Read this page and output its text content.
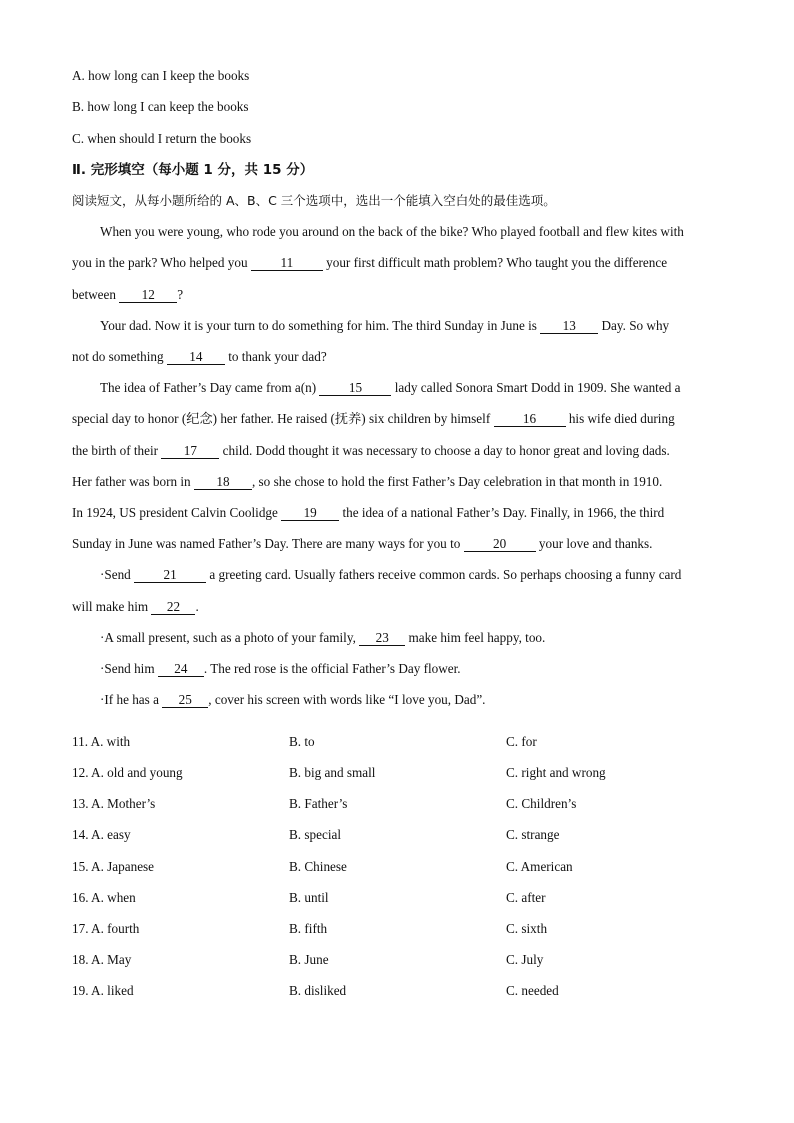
A. how long can I keep the books
B. how long I can keep the books
C. when should I return the books
Ⅱ. 完形填空（每小题 1 分，共 15 分）
阅读短文，从每小题所给的 A、B、C 三个选项中，选出一个能填入空白处的最佳选项。
When you were young, who rode you around on the back of the bike? Who played football and flew kites with
you in the park? Who helped you 11 your first difficult math problem? Who taught you the difference
between 12 ?
Your dad. Now it is your turn to do something for him. The third Sunday in June is 13 Day. So why
not do something 14 to thank your dad?
The idea of Father’s Day came from a(n) 15 lady called Sonora Smart Dodd in 1909. She wanted a
special day to honor (纪念) her father. He raised (抚养) six children by himself 16 his wife died during
the birth of their 17 child. Dodd thought it was necessary to choose a day to honor great and loving dads.
Her father was born in 18 , so she chose to hold the first Father’s Day celebration in that month in 1910.
In 1924, US president Calvin Coolidge 19 the idea of a national Father’s Day. Finally, in 1966, the third
Sunday in June was named Father’s Day. There are many ways for you to 20 your love and thanks.
·Send 21 a greeting card. Usually fathers receive common cards. So perhaps choosing a funny card
will make him 22 .
·A small present, such as a photo of your family, 23 make him feel happy, too.
·Send him 24 . The red rose is the official Father’s Day flower.
·If he has a 25 , cover his screen with words like “I love you, Dad”.
11. A. with	B. to	C. for
12. A. old and young	B. big and small	C. right and wrong
13. A. Mother’s	B. Father’s	C. Children’s
14. A. easy	B. special	C. strange
15. A. Japanese	B. Chinese	C. American
16. A. when	B. until	C. after
17. A. fourth	B. fifth	C. sixth
18. A. May	B. June	C. July
19. A. liked	B. disliked	C. needed
